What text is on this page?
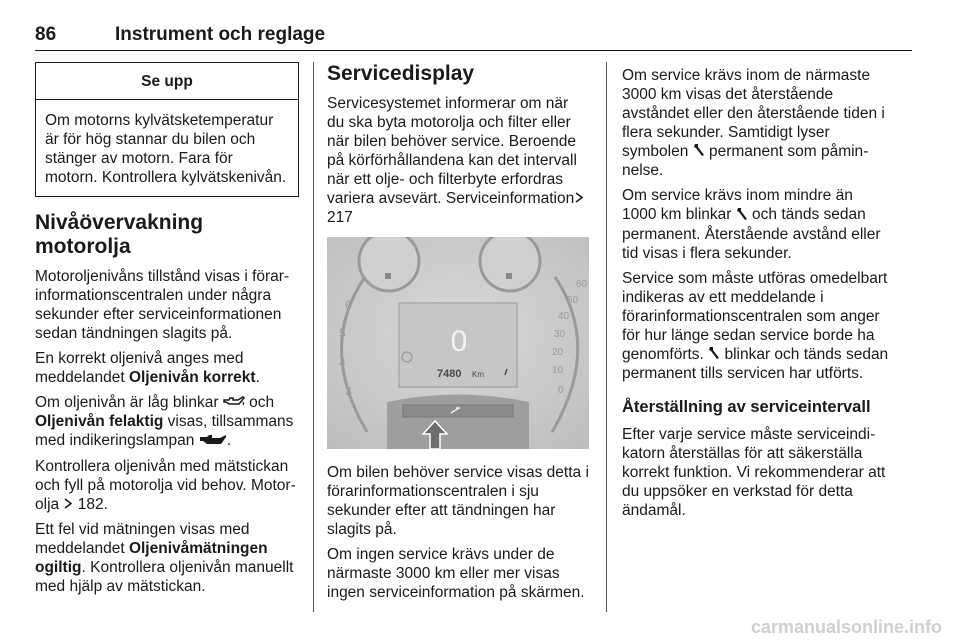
86	Instrument och reglage
Se upp
Om motorns kylvätsketemperatur är för hög stannar du bilen och stänger av motorn. Fara för motorn. Kontrollera kylvätskenivån.
Nivåövervakning motorolja

Motoroljenivåns tillstånd visas i förarinformationscentralen under några sekunder efter serviceinformationen sedan tändningen slagits på.

En korrekt oljenivå anges med meddelandet Oljenivån korrekt.

Om oljenivån är låg blinkar  och Oljenivån felaktig visas, tillsammans med indikeringslampan .

Kontrollera oljenivån med mätstickan och fyll på motorolja vid behov. Motorolja  182.

Ett fel vid mätningen visas med meddelandet Oljenivåmätningen ogiltig. Kontrollera oljenivån manuellt med hjälp av mätstickan.

Servicedisplay

Servicesystemet informerar om när du ska byta motorolja och filter eller när bilen behöver service. Beroende på körförhållandena kan det intervall när ett olje- och filterbyte erfordras variera avsevärt. Serviceinformation 217

6
5
4
3
60
50
40
30
20
10
0
0
7480 Km

Om bilen behöver service visas detta i förarinformationscentralen i sju sekunder efter att tändningen har slagits på.

Om ingen service krävs under de närmaste 3000 km eller mer visas ingen serviceinformation på skärmen.

Om service krävs inom de närmaste 3000 km visas det återstående avståndet eller den återstående tiden i flera sekunder. Samtidigt lyser symbolen  permanent som påminnelse.

Om service krävs inom mindre än 1000 km blinkar  och tänds sedan permanent. Återstående avstånd eller tid visas i flera sekunder.

Service som måste utföras omedelbart indikeras av ett meddelande i förarinformationscentralen som anger för hur länge sedan service borde ha genomförts.  blinkar och tänds sedan permanent tills servicen har utförts.

Återställning av serviceintervall

Efter varje service måste serviceindikatorn återställas för att säkerställa korrekt funktion. Vi rekommenderar att du uppsöker en verkstad för detta ändamål.

carmanualsonline.info
